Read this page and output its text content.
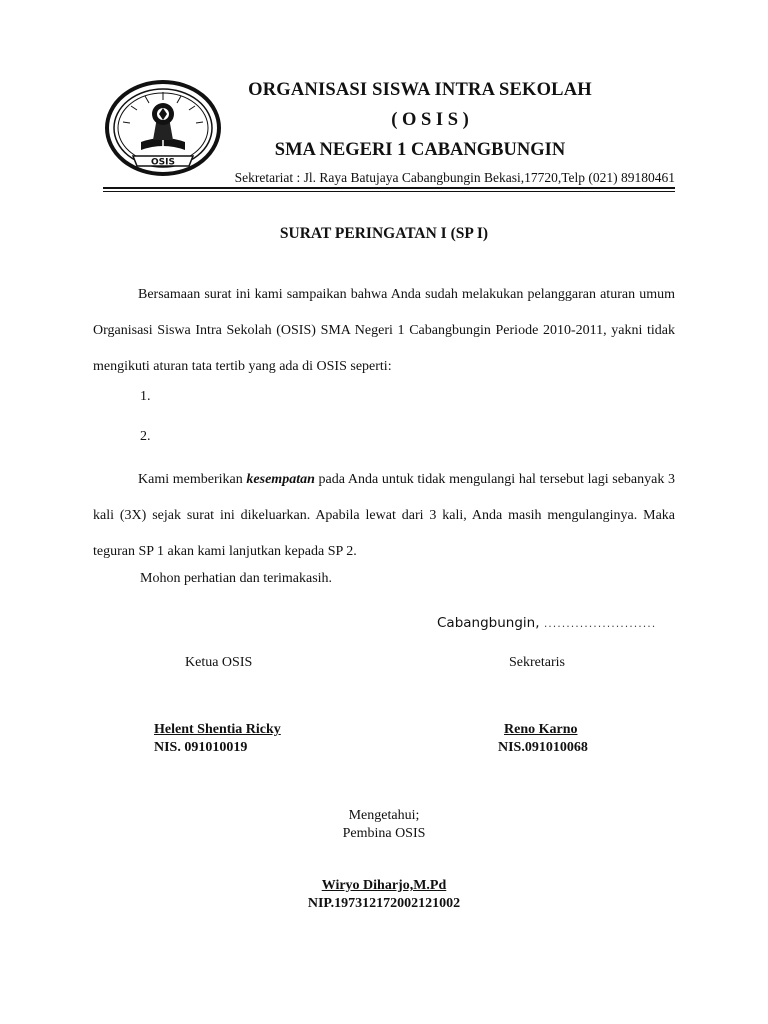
OSIS
ORGANISASI SISWA INTRA SEKOLAH
( O S I S )
SMA NEGERI 1 CABANGBUNGIN
Sekretariat : Jl. Raya Batujaya Cabangbungin Bekasi,17720,Telp (021) 89180461
SURAT PERINGATAN I (SP I)
Bersamaan surat ini kami sampaikan bahwa Anda sudah melakukan pelanggaran aturan umum Organisasi Siswa Intra Sekolah (OSIS) SMA Negeri 1 Cabangbungin Periode 2010-2011, yakni tidak mengikuti aturan tata tertib yang ada di OSIS seperti:
1.
2.
Kami memberikan kesempatan pada Anda untuk tidak mengulangi hal tersebut lagi sebanyak 3 kali (3X) sejak surat ini dikeluarkan. Apabila lewat dari 3 kali, Anda masih mengulanginya. Maka teguran SP 1 akan kami lanjutkan kepada SP 2.
Mohon perhatian dan terimakasih.
Cabangbungin, .........................
Ketua OSIS	Sekretaris
Helent Shentia Ricky
NIS. 091010019
Reno Karno
NIS.091010068
Mengetahui;
Pembina OSIS
Wiryo Diharjo,M.Pd
NIP.197312172002121002
